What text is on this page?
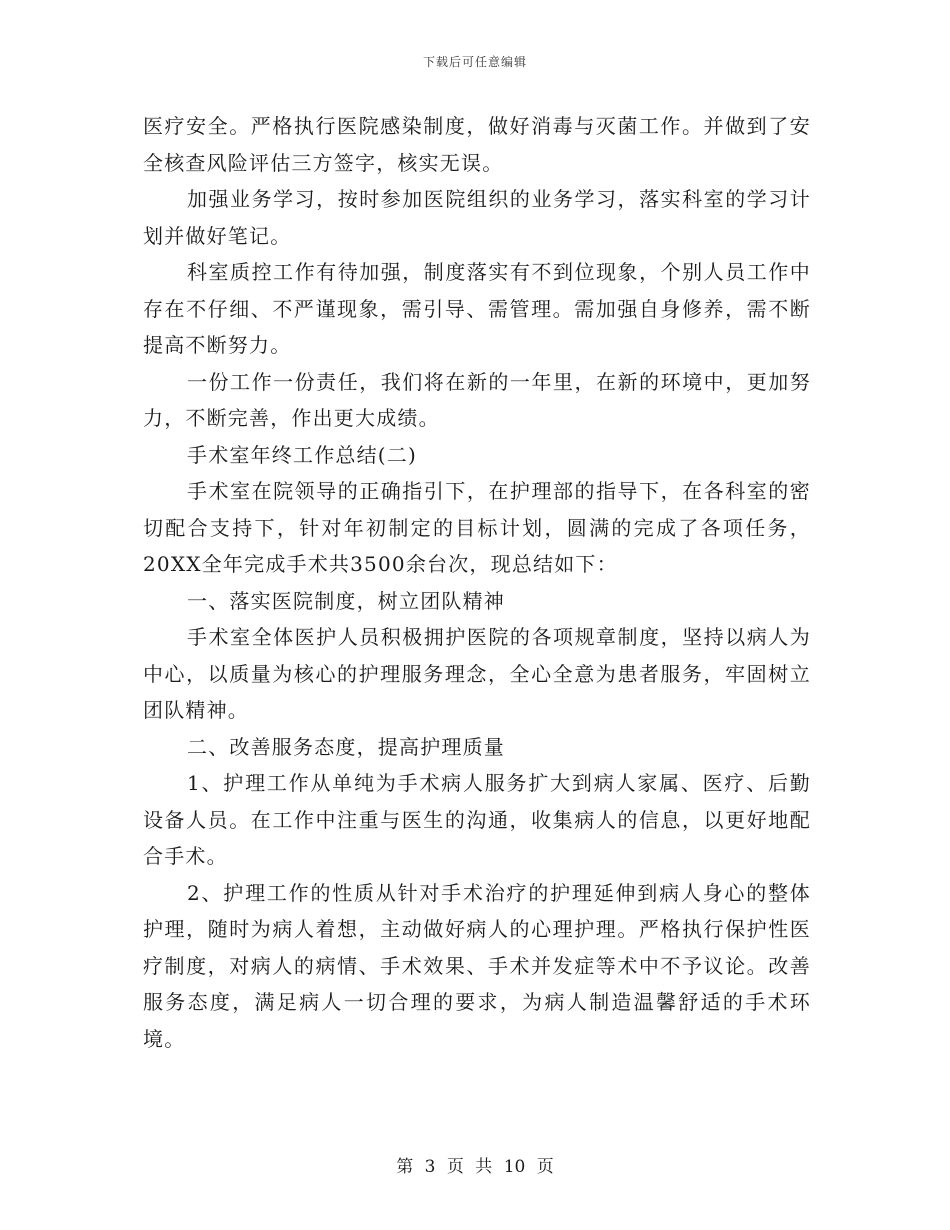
下载后可任意编辑

医疗安全。严格执行医院感染制度，做好消毒与灭菌工作。并做到了安全核查风险评估三方签字，核实无误。

加强业务学习，按时参加医院组织的业务学习，落实科室的学习计划并做好笔记。

科室质控工作有待加强，制度落实有不到位现象，个别人员工作中存在不仔细、不严谨现象，需引导、需管理。需加强自身修养，需不断提高不断努力。

一份工作一份责任，我们将在新的一年里，在新的环境中，更加努力，不断完善，作出更大成绩。

手术室年终工作总结(二)

手术室在院领导的正确指引下，在护理部的指导下，在各科室的密切配合支持下，针对年初制定的目标计划，圆满的完成了各项任务，20XX全年完成手术共3500余台次，现总结如下：

一、落实医院制度，树立团队精神

手术室全体医护人员积极拥护医院的各项规章制度，坚持以病人为中心，以质量为核心的护理服务理念，全心全意为患者服务，牢固树立团队精神。

二、改善服务态度，提高护理质量

1、护理工作从单纯为手术病人服务扩大到病人家属、医疗、后勤设备人员。在工作中注重与医生的沟通，收集病人的信息，以更好地配合手术。

2、护理工作的性质从针对手术治疗的护理延伸到病人身心的整体护理，随时为病人着想，主动做好病人的心理护理。严格执行保护性医疗制度，对病人的病情、手术效果、手术并发症等术中不予议论。改善服务态度，满足病人一切合理的要求，为病人制造温馨舒适的手术环境。

第 3 页 共 10 页
